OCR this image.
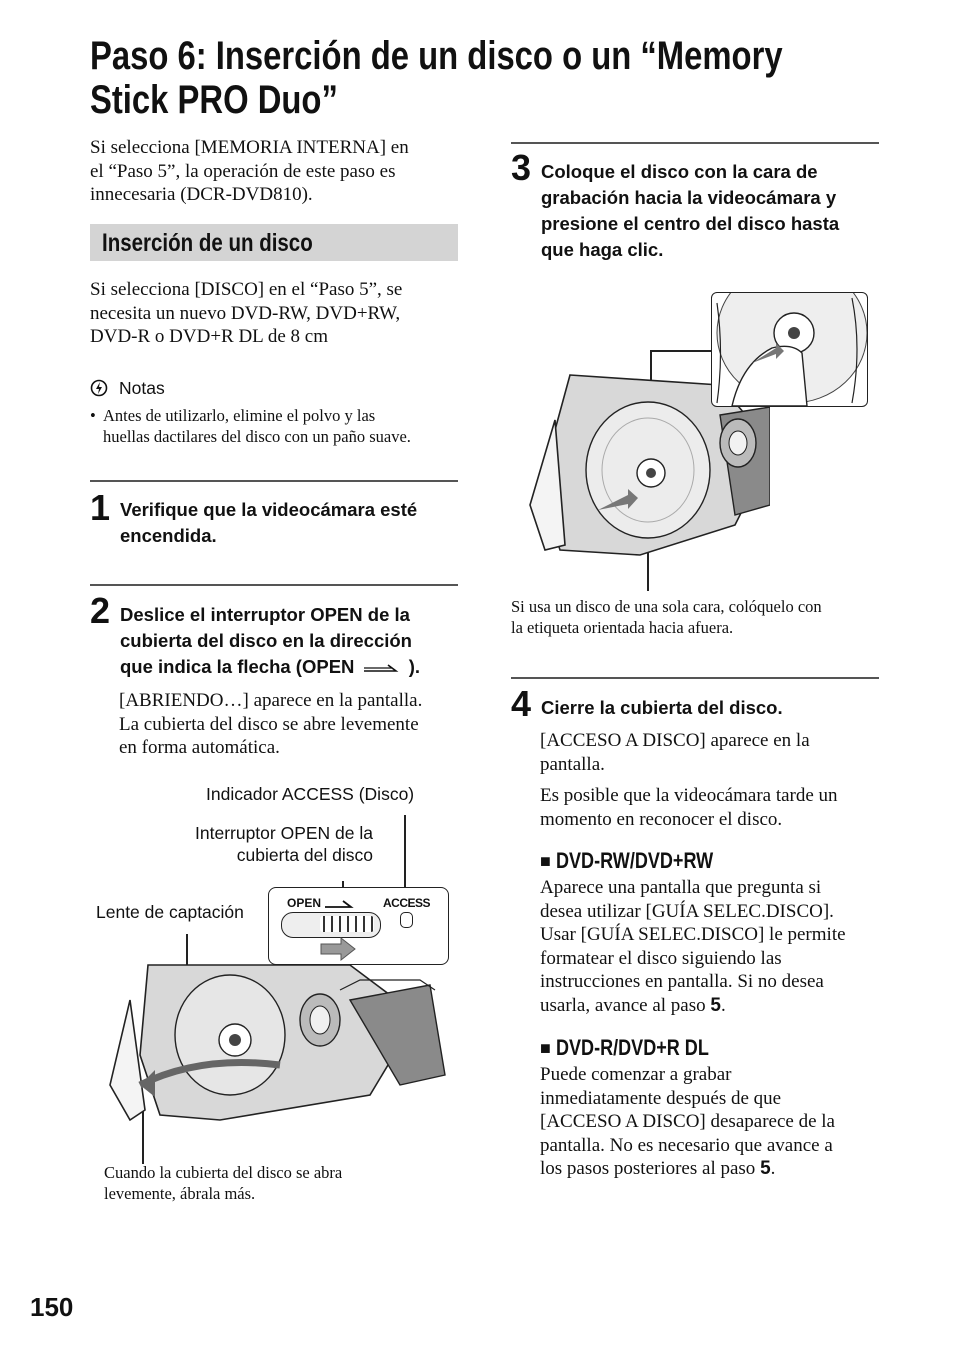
Paso 6: Inserción de un disco o un “Memory
Stick PRO Duo”
Si selecciona [MEMORIA INTERNA] en
el “Paso 5”, la operación de este paso es
innecesaria (DCR-DVD810).
Inserción de un disco
Si selecciona [DISCO] en el “Paso 5”, se
necesita un nuevo DVD-RW, DVD+RW,
DVD-R o DVD+R DL de 8 cm
Notas
• Antes de utilizarlo, elimine el polvo y las
huellas dactilares del disco con un paño suave.
1 Verifique que la videocámara esté
encendida.
2 Deslice el interruptor OPEN de la
cubierta del disco en la dirección
que indica la flecha (OPEN	).
[ABRIENDO…] aparece en la pantalla.
La cubierta del disco se abre levemente
en forma automática.
Indicador ACCESS (Disco)
Interruptor OPEN de la
cubierta del disco
Lente de captación	OPEN	ACCESS
Cuando la cubierta del disco se abra
levemente, ábrala más.
3 Coloque el disco con la cara de
grabación hacia la videocámara y
presione el centro del disco hasta
que haga clic.
Si usa un disco de una sola cara, colóquelo con
la etiqueta orientada hacia afuera.
4 Cierre la cubierta del disco.
[ACCESO A DISCO] aparece en la
pantalla.
Es posible que la videocámara tarde un
momento en reconocer el disco.
■ DVD-RW/DVD+RW
Aparece una pantalla que pregunta si
desea utilizar [GUÍA SELEC.DISCO].
Usar [GUÍA SELEC.DISCO] le permite
formatear el disco siguiendo las
instrucciones en pantalla. Si no desea
usarla, avance al paso 5.
■ DVD-R/DVD+R DL
Puede comenzar a grabar
inmediatamente después de que
[ACCESO A DISCO] desaparece de la
pantalla. No es necesario que avance a
los pasos posteriores al paso 5.
150
